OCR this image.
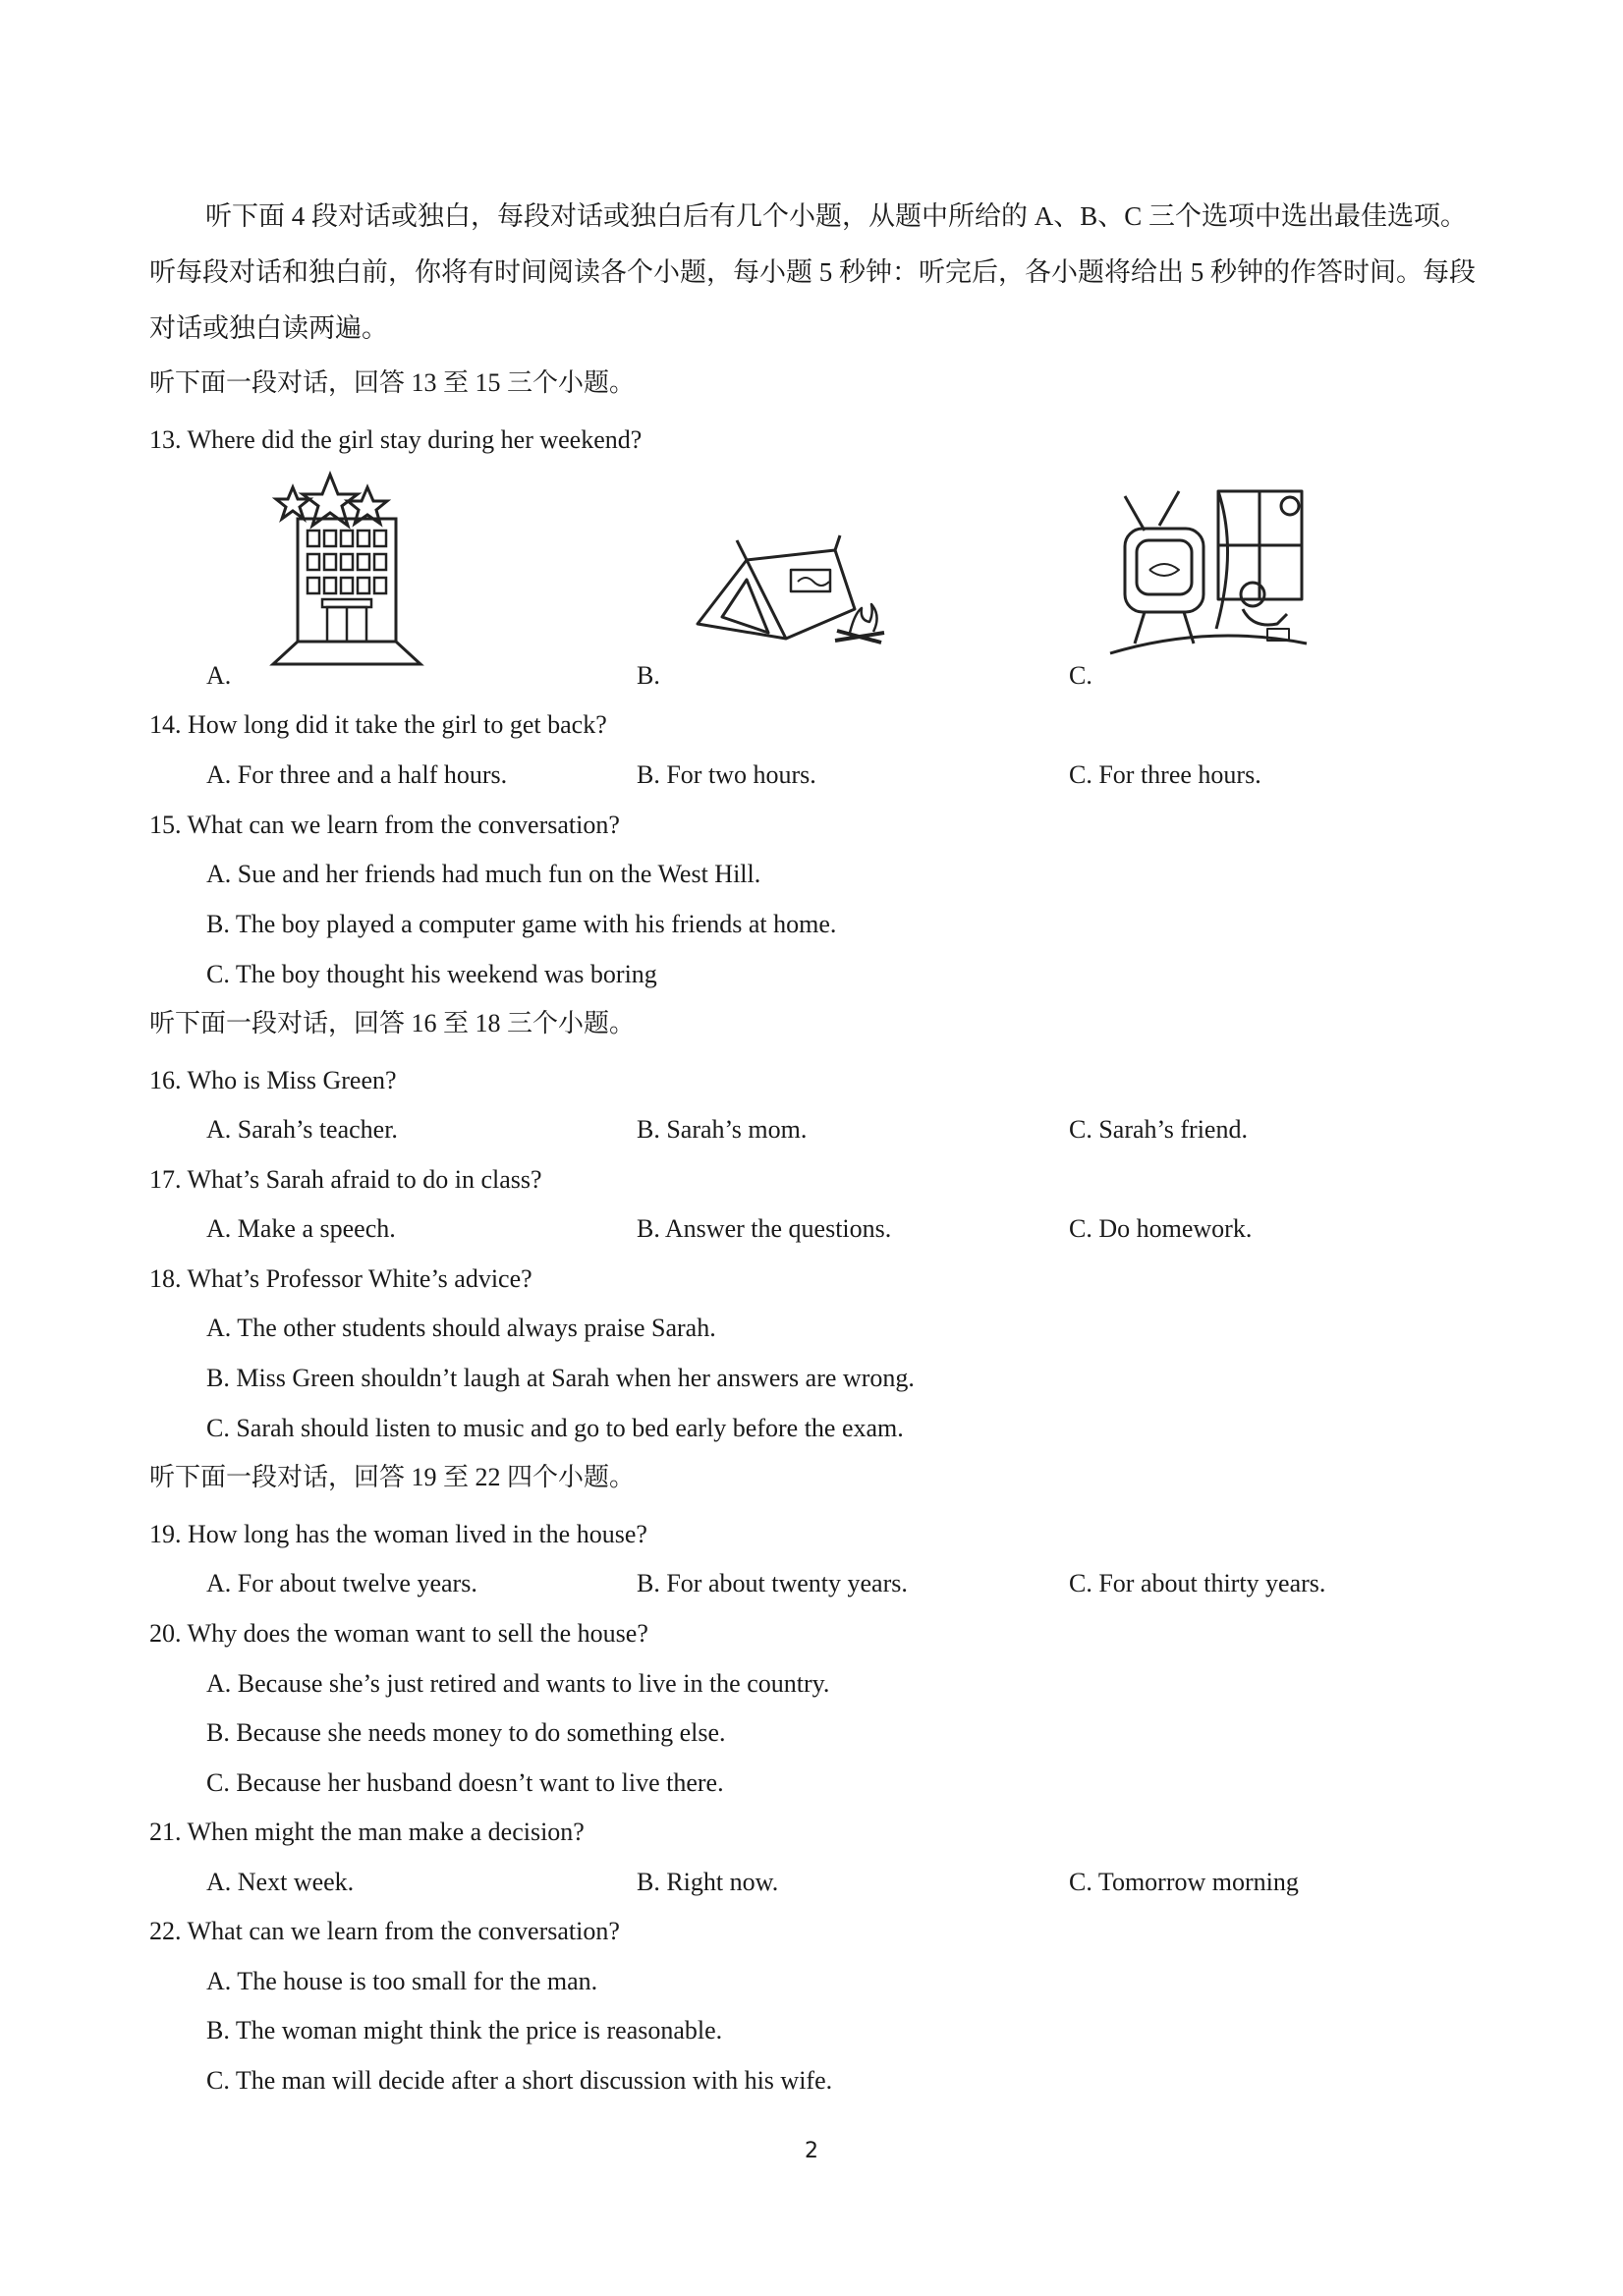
听下面 4 段对话或独白，每段对话或独白后有几个小题，从题中所给的 A、B、C 三个选项中选出最佳选项。听每段对话和独白前，你将有时间阅读各个小题，每小题 5 秒钟：听完后，各小题将给出 5 秒钟的作答时间。每段对话或独白读两遍。
听下面一段对话，回答 13 至 15 三个小题。
13. Where did the girl stay during her weekend?
A.	B.	C.
14. How long did it take the girl to get back?
A. For three and a half hours.	B. For two hours.	C. For three hours.
15. What can we learn from the conversation?
A. Sue and her friends had much fun on the West Hill.
B. The boy played a computer game with his friends at home.
C. The boy thought his weekend was boring
听下面一段对话，回答 16 至 18 三个小题。
16. Who is Miss Green?
A. Sarah’s teacher.	B. Sarah’s mom.	C. Sarah’s friend.
17. What’s Sarah afraid to do in class?
A. Make a speech.	B. Answer the questions.	C. Do homework.
18. What’s Professor White’s advice?
A. The other students should always praise Sarah.
B. Miss Green shouldn’t laugh at Sarah when her answers are wrong.
C. Sarah should listen to music and go to bed early before the exam.
听下面一段对话，回答 19 至 22 四个小题。
19. How long has the woman lived in the house?
A. For about twelve years.	B. For about twenty years.	C. For about thirty years.
20. Why does the woman want to sell the house?
A. Because she’s just retired and wants to live in the country.
B. Because she needs money to do something else.
C. Because her husband doesn’t want to live there.
21. When might the man make a decision?
A. Next week.	B. Right now.	C. Tomorrow morning
22. What can we learn from the conversation?
A. The house is too small for the man.
B. The woman might think the price is reasonable.
C. The man will decide after a short discussion with his wife.
2
